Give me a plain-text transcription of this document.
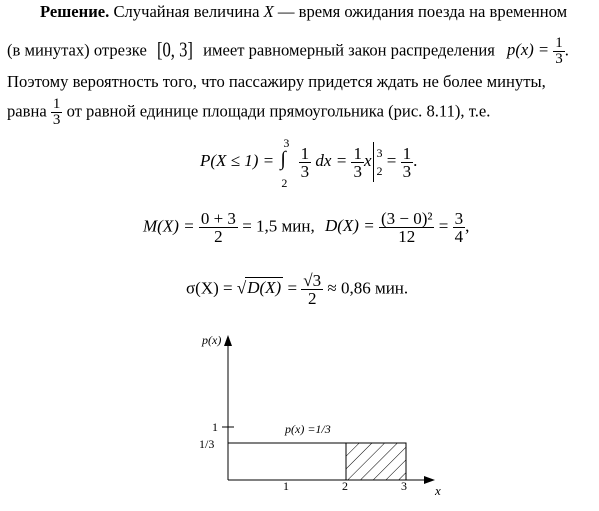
Решение. Случайная величина X — время ожидания поезда на временном
(в минутах) отрезке [0, 3] имеет равномерный закон распределения $p(x) = \frac{1}{3}$ .
Поэтому вероятность того, что пассажиру придется ждать не более минуты,
равна $\frac{1}{3}$ от равной единице площади прямоугольника (рис. 8.11), т.е.
P(X ≤ 1) =
3
∫
2

$\frac{1}{3}$ dx = $\frac{1}{3}$ x 3
2
= $\frac{1}{3}$ .
$M(X) = \frac{0 + 3}{2} = 1,5$ мин, $D(X) = \frac{\text{(3 − 0)²}}{12} = \frac{3}{4}$ ,
$\sigma(X) = √D(X) = \frac{√3}{2} \approx 0,86$ мин.
p(x)
x
1
1/3
1	2	3
p(x) =1/3
